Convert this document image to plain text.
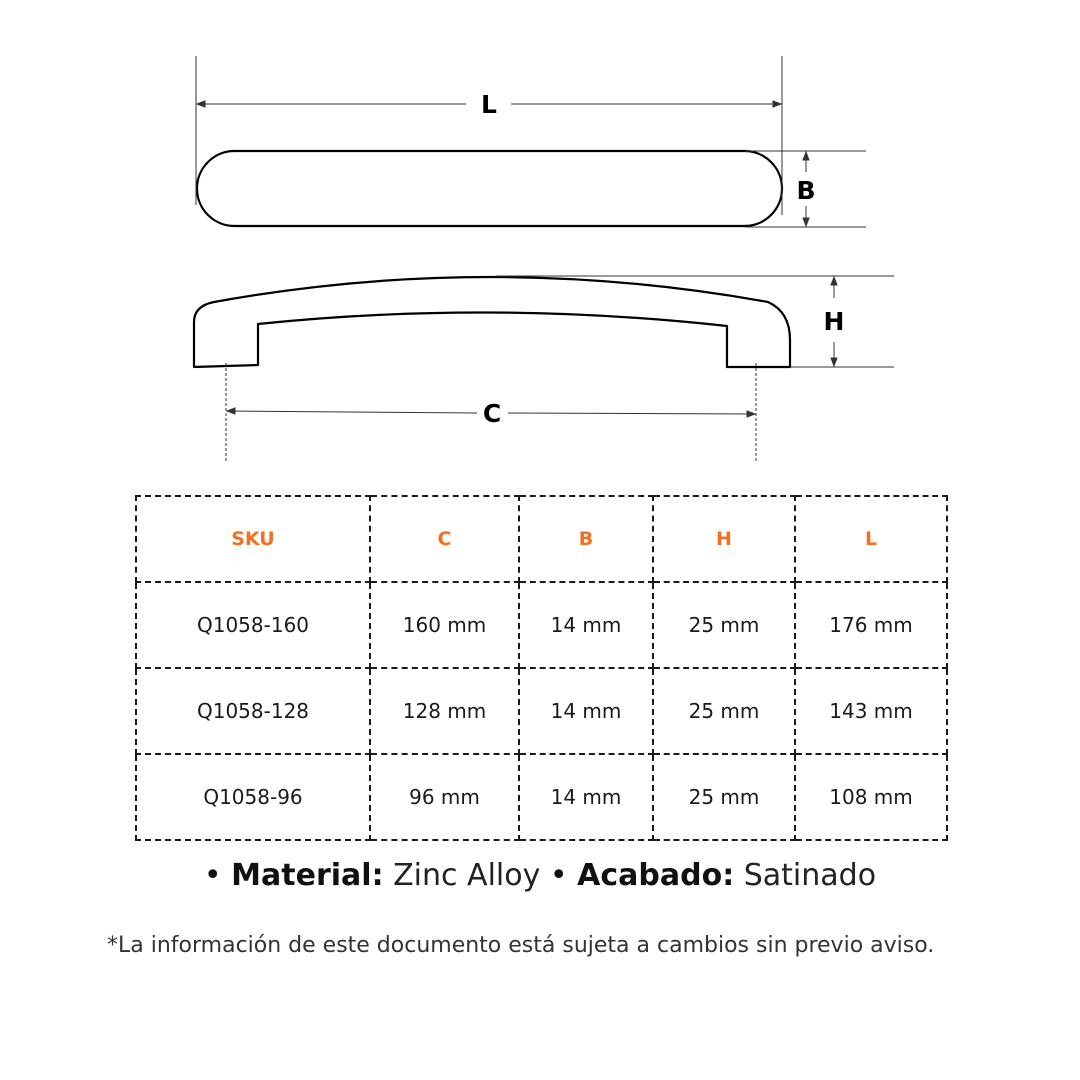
L
B
H
C
SKU	C	B	H	L
Q1058-160	160 mm	14 mm	25 mm	176 mm
Q1058-128	128 mm	14 mm	25 mm	143 mm
Q1058-96	96 mm	14 mm	25 mm	108 mm
• Material: Zinc Alloy • Acabado: Satinado
*La información de este documento está sujeta a cambios sin previo aviso.
